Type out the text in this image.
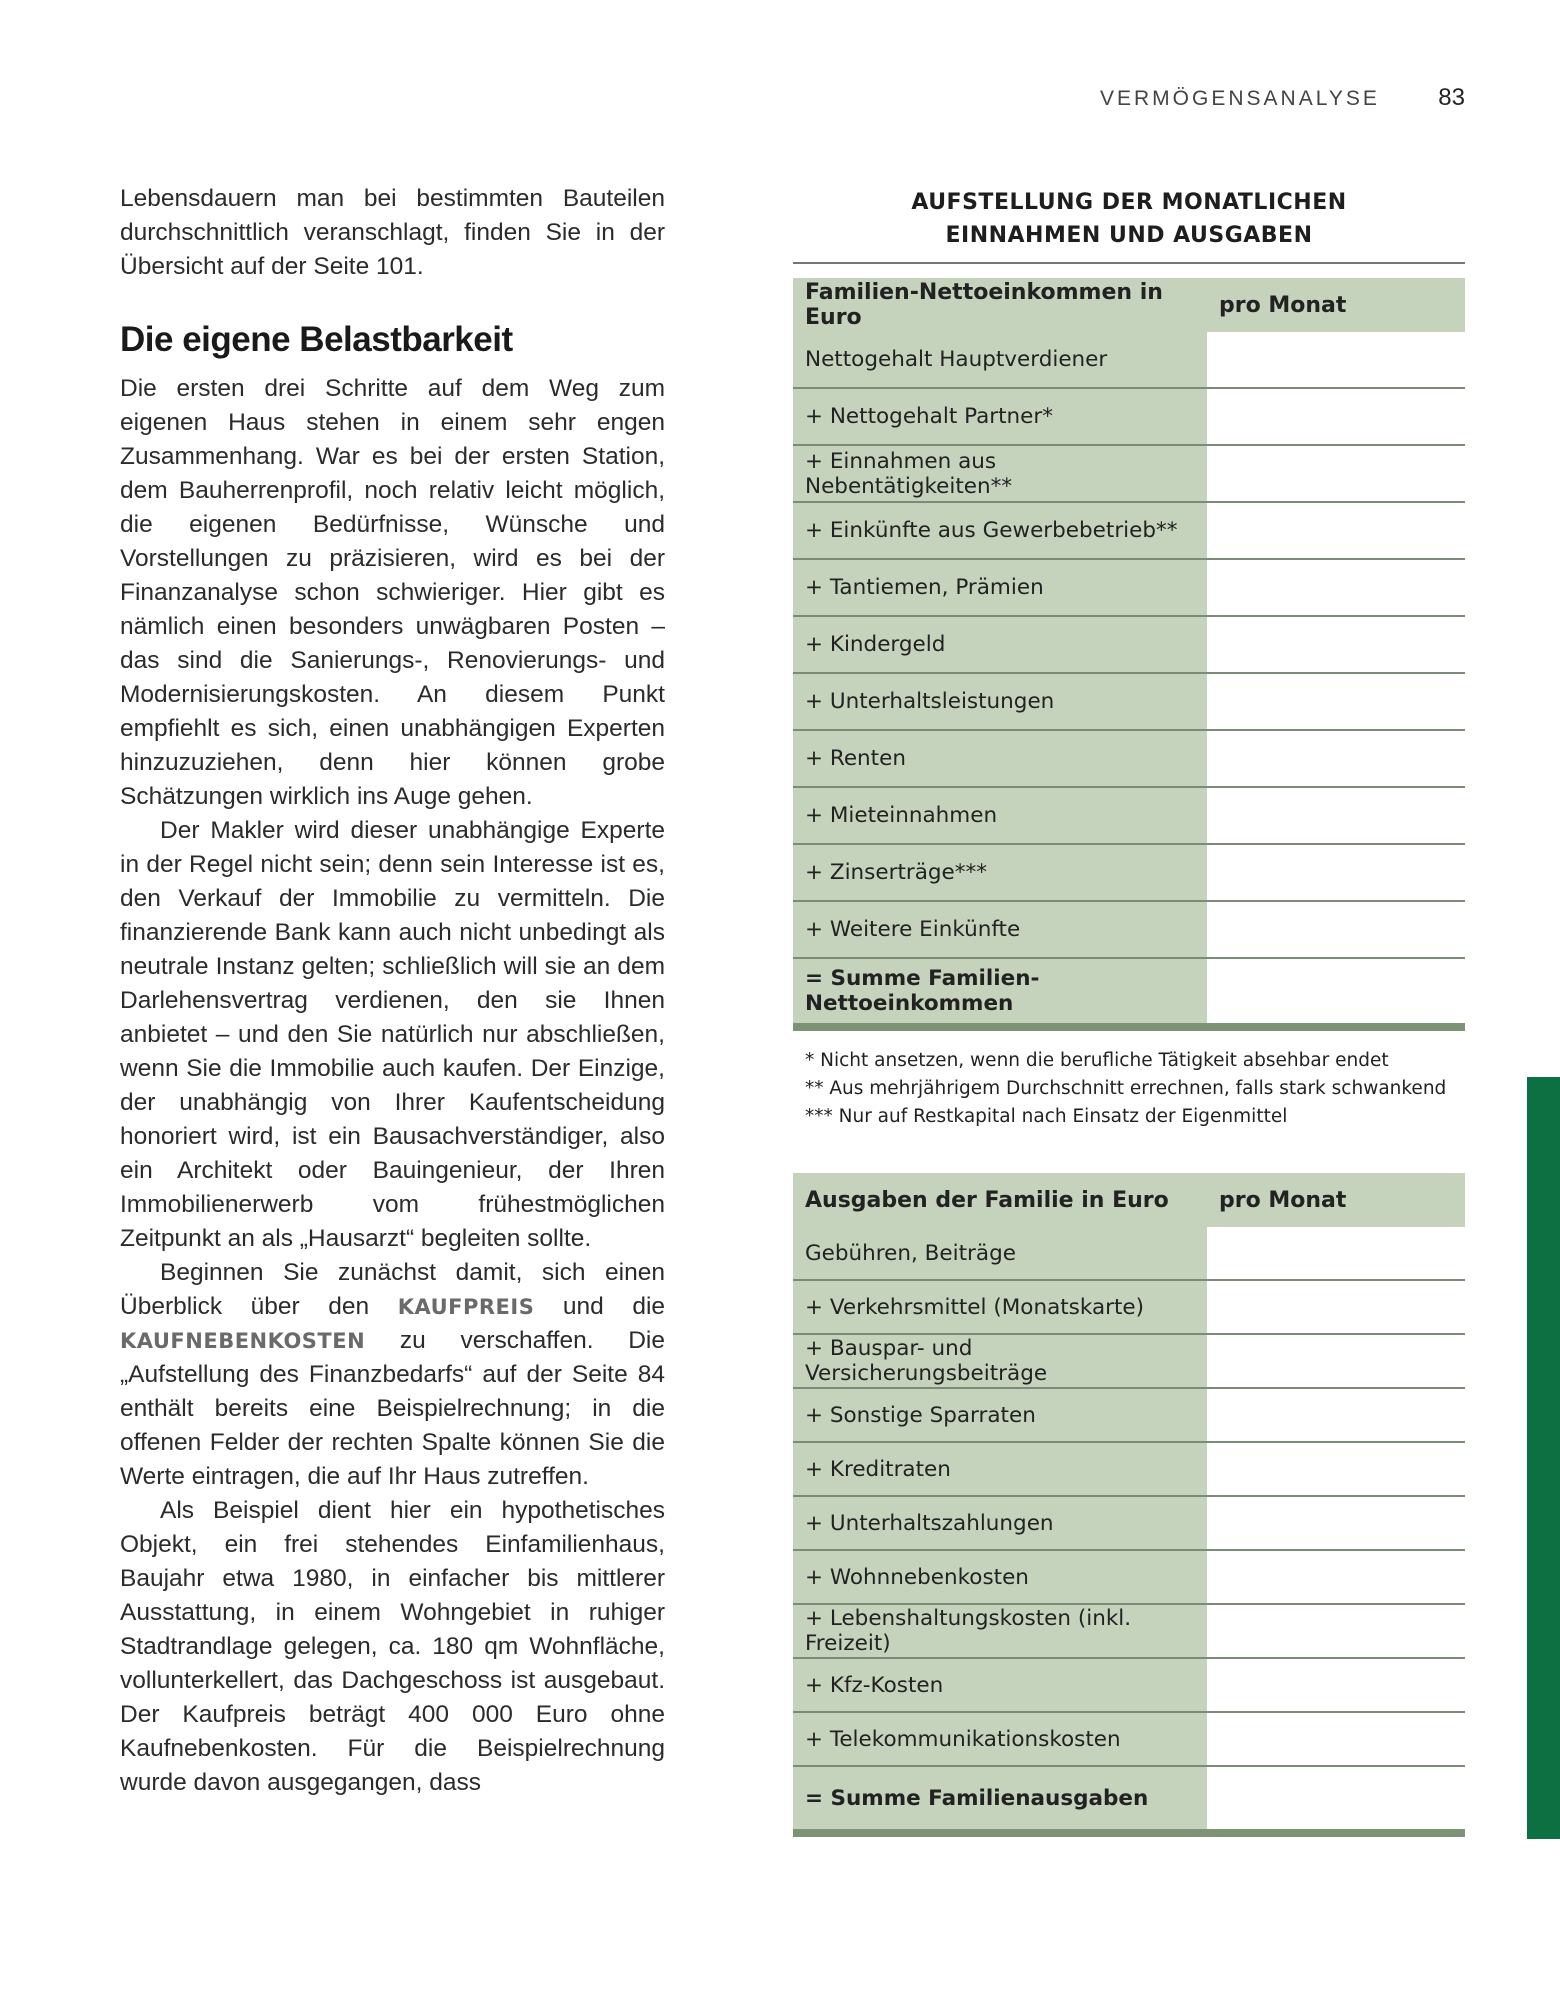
VERMÖGENSANALYSE 83

Lebensdauern man bei bestimmten Bauteilen durchschnittlich veranschlagt, finden Sie in der Übersicht auf der Seite 101.

Die eigene Belastbarkeit

Die ersten drei Schritte auf dem Weg zum eigenen Haus stehen in einem sehr engen Zusammenhang. War es bei der ersten Station, dem Bauherrenprofil, noch relativ leicht möglich, die eigenen Bedürfnisse, Wünsche und Vorstellungen zu präzisieren, wird es bei der Finanzanalyse schon schwieriger. Hier gibt es nämlich einen besonders unwägbaren Posten – das sind die Sanierungs-, Renovierungs- und Modernisierungskosten. An diesem Punkt empfiehlt es sich, einen unabhängigen Experten hinzuzuziehen, denn hier können grobe Schätzungen wirklich ins Auge gehen.

Der Makler wird dieser unabhängige Experte in der Regel nicht sein; denn sein Interesse ist es, den Verkauf der Immobilie zu vermitteln. Die finanzierende Bank kann auch nicht unbedingt als neutrale Instanz gelten; schließlich will sie an dem Darlehensvertrag verdienen, den sie Ihnen anbietet – und den Sie natürlich nur abschließen, wenn Sie die Immobilie auch kaufen. Der Einzige, der unabhängig von Ihrer Kaufentscheidung honoriert wird, ist ein Bausachverständiger, also ein Architekt oder Bauingenieur, der Ihren Immobilienerwerb vom frühestmöglichen Zeitpunkt an als „Hausarzt“ begleiten sollte.

Beginnen Sie zunächst damit, sich einen Überblick über den KAUFPREIS und die KAUFNEBENKOSTEN zu verschaffen. Die „Aufstellung des Finanzbedarfs“ auf der Seite 84 enthält bereits eine Beispielrechnung; in die offenen Felder der rechten Spalte können Sie die Werte eintragen, die auf Ihr Haus zutreffen.

Als Beispiel dient hier ein hypothetisches Objekt, ein frei stehendes Einfamilienhaus, Baujahr etwa 1980, in einfacher bis mittlerer Ausstattung, in einem Wohngebiet in ruhiger Stadtrandlage gelegen, ca. 180 qm Wohnfläche, vollunterkellert, das Dachgeschoss ist ausgebaut. Der Kaufpreis beträgt 400 000 Euro ohne Kaufnebenkosten. Für die Beispielrechnung wurde davon ausgegangen, dass

AUFSTELLUNG DER MONATLICHEN
EINNAHMEN UND AUSGABEN
Familien-Nettoeinkommen in Euro	pro Monat
Nettogehalt Hauptverdiener	
+ Nettogehalt Partner*	
+ Einnahmen aus Nebentätigkeiten**	
+ Einkünfte aus Gewerbebetrieb**	
+ Tantiemen, Prämien	
+ Kindergeld	
+ Unterhaltsleistungen	
+ Renten	
+ Mieteinnahmen	
+ Zinserträge***	
+ Weitere Einkünfte	
= Summe Familien-Nettoeinkommen	
* Nicht ansetzen, wenn die berufliche Tätigkeit absehbar endet
** Aus mehrjährigem Durchschnitt errechnen, falls stark schwankend
*** Nur auf Restkapital nach Einsatz der Eigenmittel
Ausgaben der Familie in Euro	pro Monat
Gebühren, Beiträge	
+ Verkehrsmittel (Monatskarte)	
+ Bauspar- und Versicherungsbeiträge	
+ Sonstige Sparraten	
+ Kreditraten	
+ Unterhaltszahlungen	
+ Wohnnebenkosten	
+ Lebenshaltungskosten (inkl. Freizeit)	
+ Kfz-Kosten	
+ Telekommunikationskosten	
= Summe Familienausgaben	
